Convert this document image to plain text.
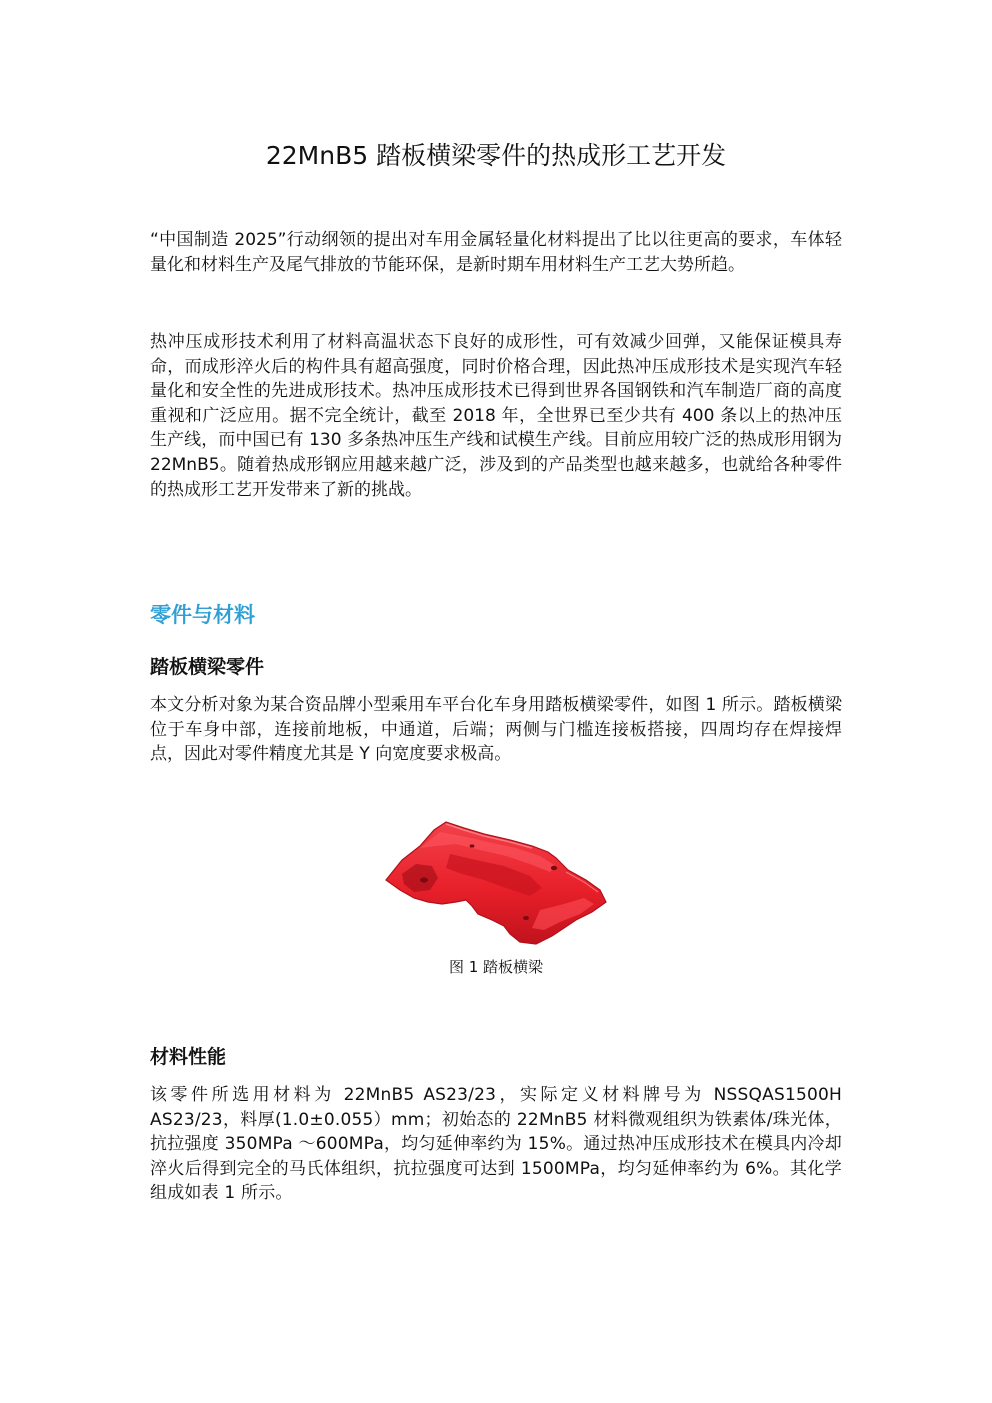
22MnB5 踏板横梁零件的热成形工艺开发

“中国制造 2025”行动纲领的提出对车用金属轻量化材料提出了比以往更高的要求，车体轻量化和材料生产及尾气排放的节能环保，是新时期车用材料生产工艺大势所趋。

热冲压成形技术利用了材料高温状态下良好的成形性，可有效减少回弹，又能保证模具寿命，而成形淬火后的构件具有超高强度，同时价格合理，因此热冲压成形技术是实现汽车轻量化和安全性的先进成形技术。热冲压成形技术已得到世界各国钢铁和汽车制造厂商的高度重视和广泛应用。据不完全统计，截至 2018 年，全世界已至少共有 400 条以上的热冲压生产线，而中国已有 130 多条热冲压生产线和试模生产线。目前应用较广泛的热成形用钢为 22MnB5。随着热成形钢应用越来越广泛，涉及到的产品类型也越来越多，也就给各种零件的热成形工艺开发带来了新的挑战。

零件与材料
踏板横梁零件

本文分析对象为某合资品牌小型乘用车平台化车身用踏板横梁零件，如图 1 所示。踏板横梁位于车身中部，连接前地板，中通道，后端；两侧与门槛连接板搭接，四周均存在焊接焊点，因此对零件精度尤其是 Y 向宽度要求极高。

图 1 踏板横梁

材料性能

该零件所选用材料为 22MnB5 AS23/23，实际定义材料牌号为 NSSQAS1500H AS23/23，料厚(1.0±0.055）mm；初始态的 22MnB5 材料微观组织为铁素体/珠光体，抗拉强度 350MPa ～600MPa，均匀延伸率约为 15%。通过热冲压成形技术在模具内冷却淬火后得到完全的马氏体组织，抗拉强度可达到 1500MPa，均匀延伸率约为 6%。其化学组成如表 1 所示。
